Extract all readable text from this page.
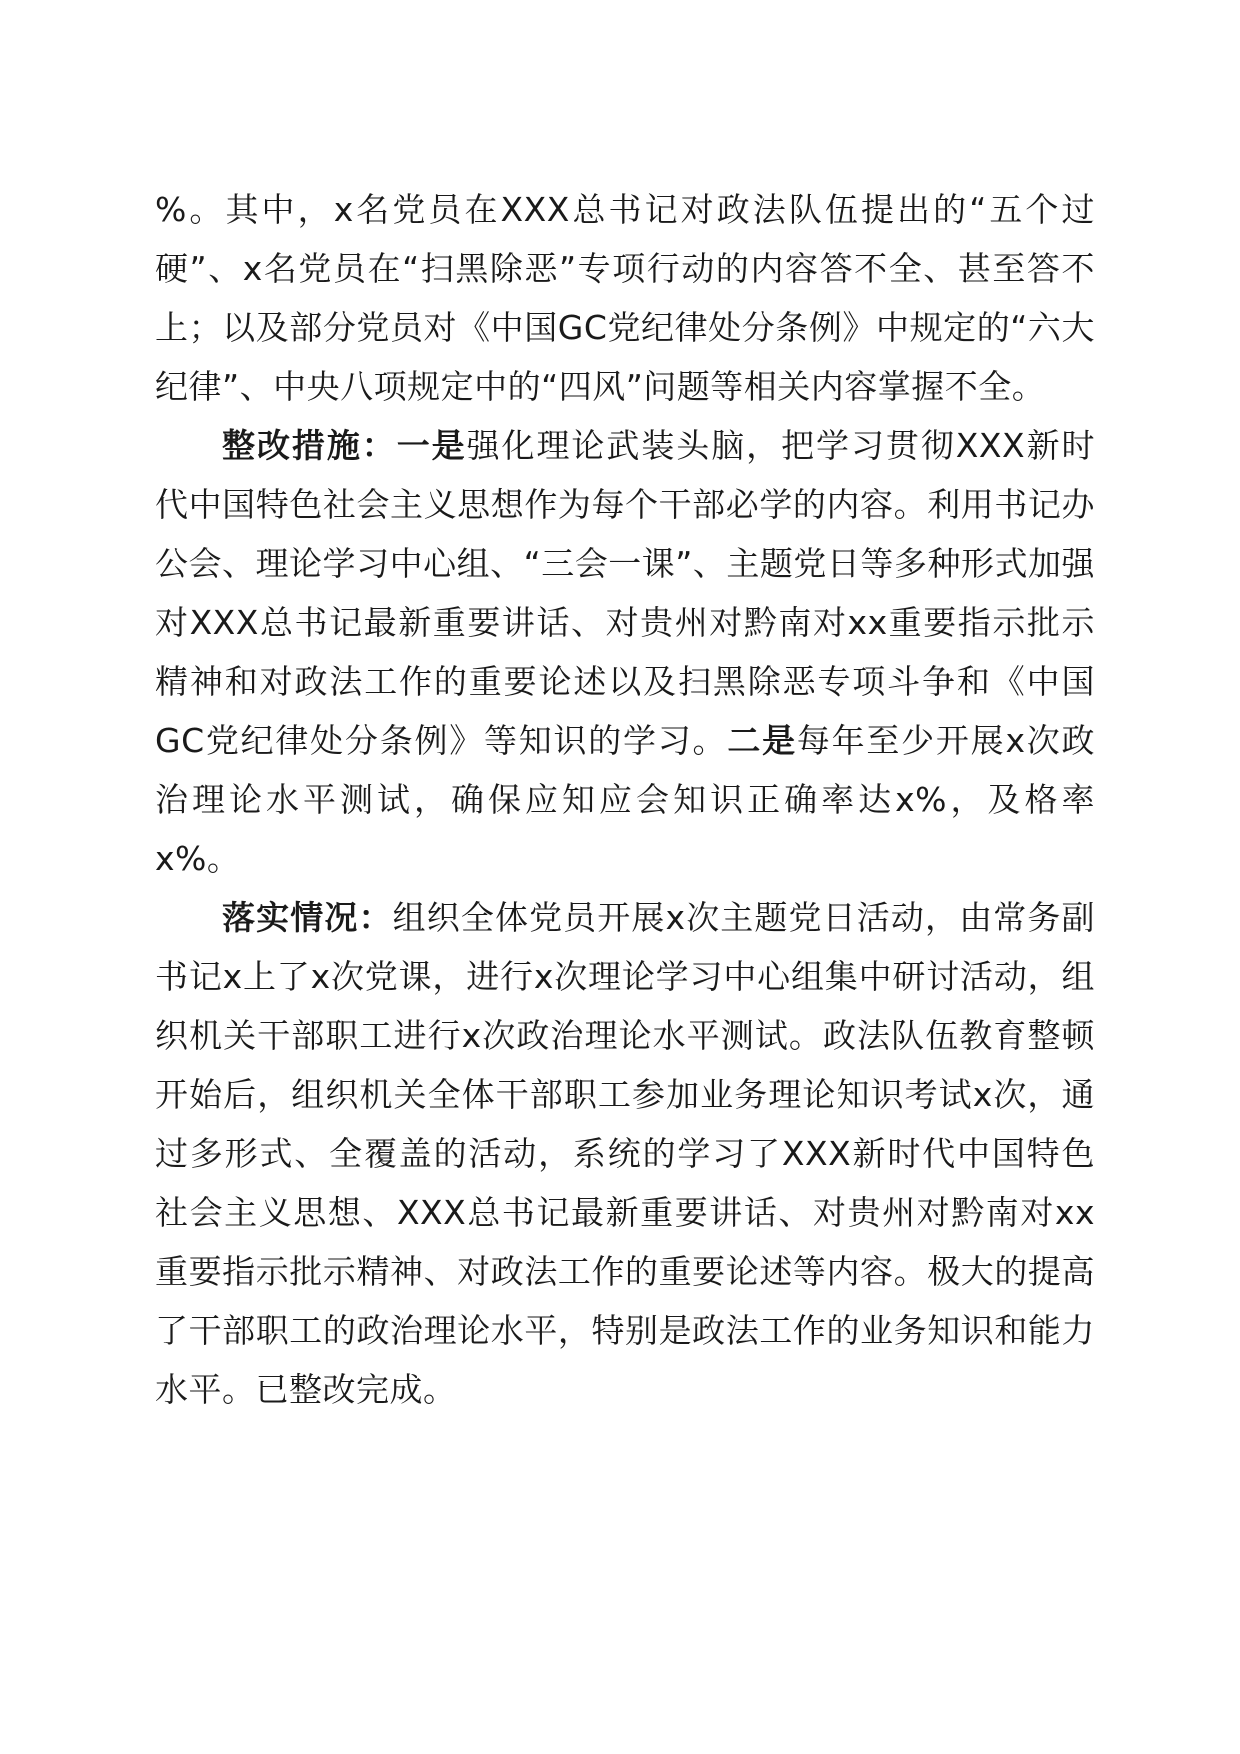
%。其中，x名党员在XXX总书记对政法队伍提出的“五个过硬”、x名党员在“扫黑除恶”专项行动的内容答不全、甚至答不上；以及部分党员对《中国GC党纪律处分条例》中规定的“六大纪律”、中央八项规定中的“四风”问题等相关内容掌握不全。

整改措施：一是强化理论武装头脑，把学习贯彻XXX新时代中国特色社会主义思想作为每个干部必学的内容。利用书记办公会、理论学习中心组、“三会一课”、主题党日等多种形式加强对XXX总书记最新重要讲话、对贵州对黔南对xx重要指示批示精神和对政法工作的重要论述以及扫黑除恶专项斗争和《中国GC党纪律处分条例》等知识的学习。二是每年至少开展x次政治理论水平测试，确保应知应会知识正确率达x%，及格率x%。

落实情况：组织全体党员开展x次主题党日活动，由常务副书记x上了x次党课，进行x次理论学习中心组集中研讨活动，组织机关干部职工进行x次政治理论水平测试。政法队伍教育整顿开始后，组织机关全体干部职工参加业务理论知识考试x次，通过多形式、全覆盖的活动，系统的学习了XXX新时代中国特色社会主义思想、XXX总书记最新重要讲话、对贵州对黔南对xx重要指示批示精神、对政法工作的重要论述等内容。极大的提高了干部职工的政治理论水平，特别是政法工作的业务知识和能力水平。已整改完成。
